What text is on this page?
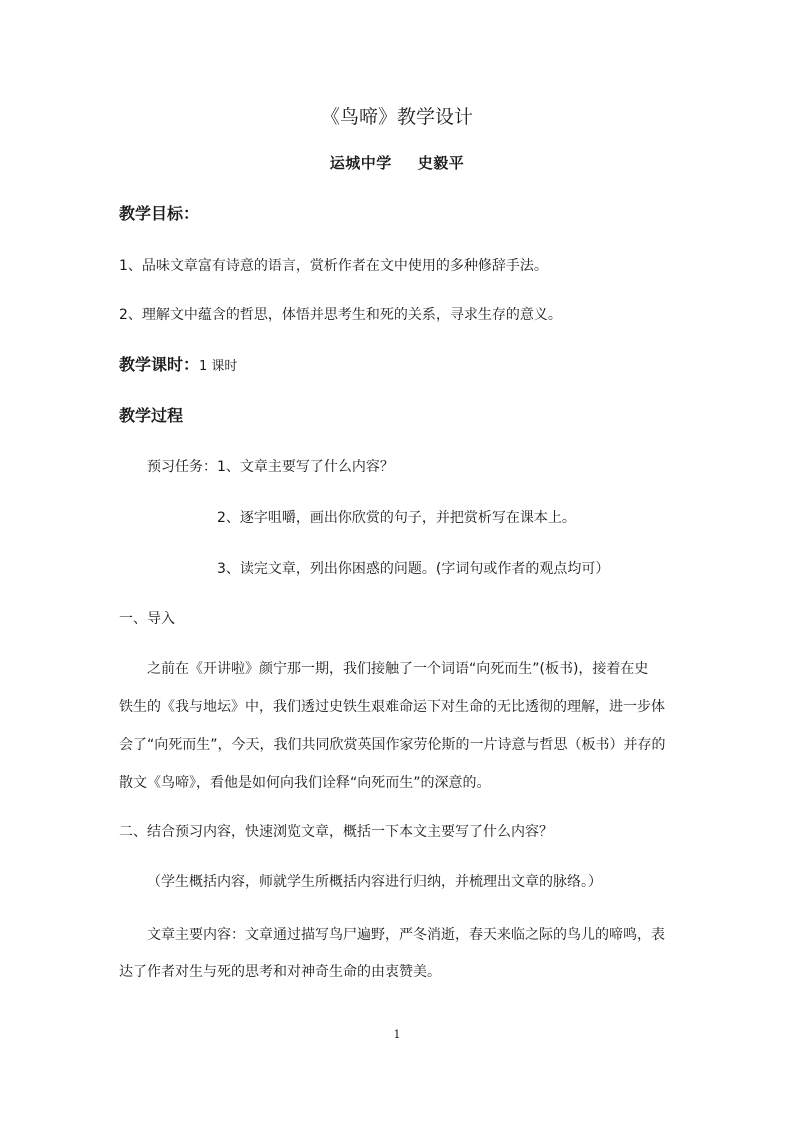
《鸟啼》教学设计
运城中学 史毅平
教学目标：
1、品味文章富有诗意的语言，赏析作者在文中使用的多种修辞手法。
2、理解文中蕴含的哲思，体悟并思考生和死的关系，寻求生存的意义。
教学课时：1 课时
教学过程
预习任务：1、文章主要写了什么内容？
2、逐字咀嚼，画出你欣赏的句子，并把赏析写在课本上。
3、读完文章，列出你困惑的问题。(字词句或作者的观点均可）
一、导入
之前在《开讲啦》颜宁那一期，我们接触了一个词语“向死而生”(板书)，接着在史
铁生的《我与地坛》中，我们透过史铁生艰难命运下对生命的无比透彻的理解，进一步体
会了“向死而生”，今天，我们共同欣赏英国作家劳伦斯的一片诗意与哲思（板书）并存的
散文《鸟啼》，看他是如何向我们诠释“向死而生”的深意的。
二、结合预习内容，快速浏览文章，概括一下本文主要写了什么内容？
（学生概括内容，师就学生所概括内容进行归纳，并梳理出文章的脉络。）
文章主要内容：文章通过描写鸟尸遍野，严冬消逝，春天来临之际的鸟儿的啼鸣，表
达了作者对生与死的思考和对神奇生命的由衷赞美。
1
